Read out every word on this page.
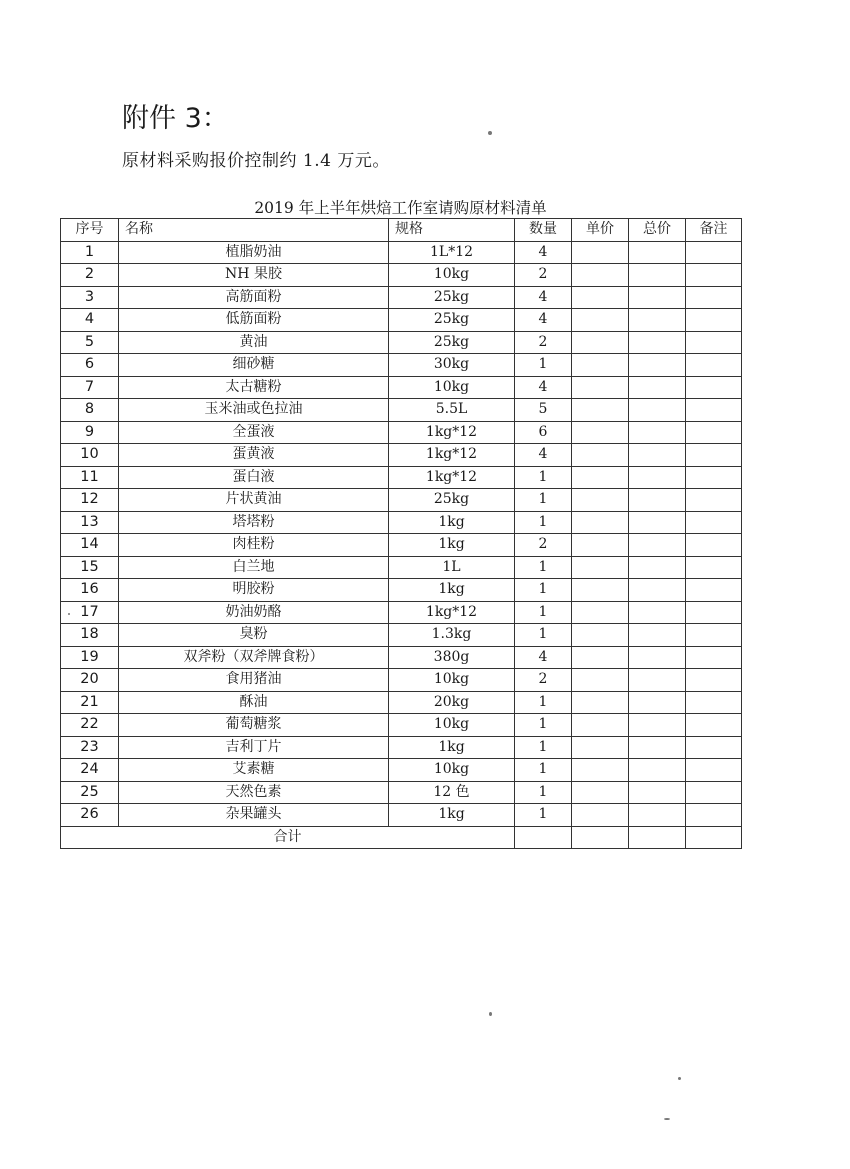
附件 3：
原材料采购报价控制约 1.4 万元。
2019 年上半年烘焙工作室请购原材料清单
序号	名称	规格	数量	单价	总价	备注
1	植脂奶油	1L*12	4			
2	NH 果胶	10kg	2			
3	高筋面粉	25kg	4			
4	低筋面粉	25kg	4			
5	黄油	25kg	2			
6	细砂糖	30kg	1			
7	太古糖粉	10kg	4			
8	玉米油或色拉油	5.5L	5			
9	全蛋液	1kg*12	6			
10	蛋黄液	1kg*12	4			
11	蛋白液	1kg*12	1			
12	片状黄油	25kg	1			
13	塔塔粉	1kg	1			
14	肉桂粉	1kg	2			
15	白兰地	1L	1			
16	明胶粉	1kg	1			
17	奶油奶酪	1kg*12	1			
18	臭粉	1.3kg	1			
19	双斧粉（双斧牌食粉）	380g	4			
20	食用猪油	10kg	2			
21	酥油	20kg	1			
22	葡萄糖浆	10kg	1			
23	吉利丁片	1kg	1			
24	艾素糖	10kg	1			
25	天然色素	12 色	1			
26	杂果罐头	1kg	1			
合计						
